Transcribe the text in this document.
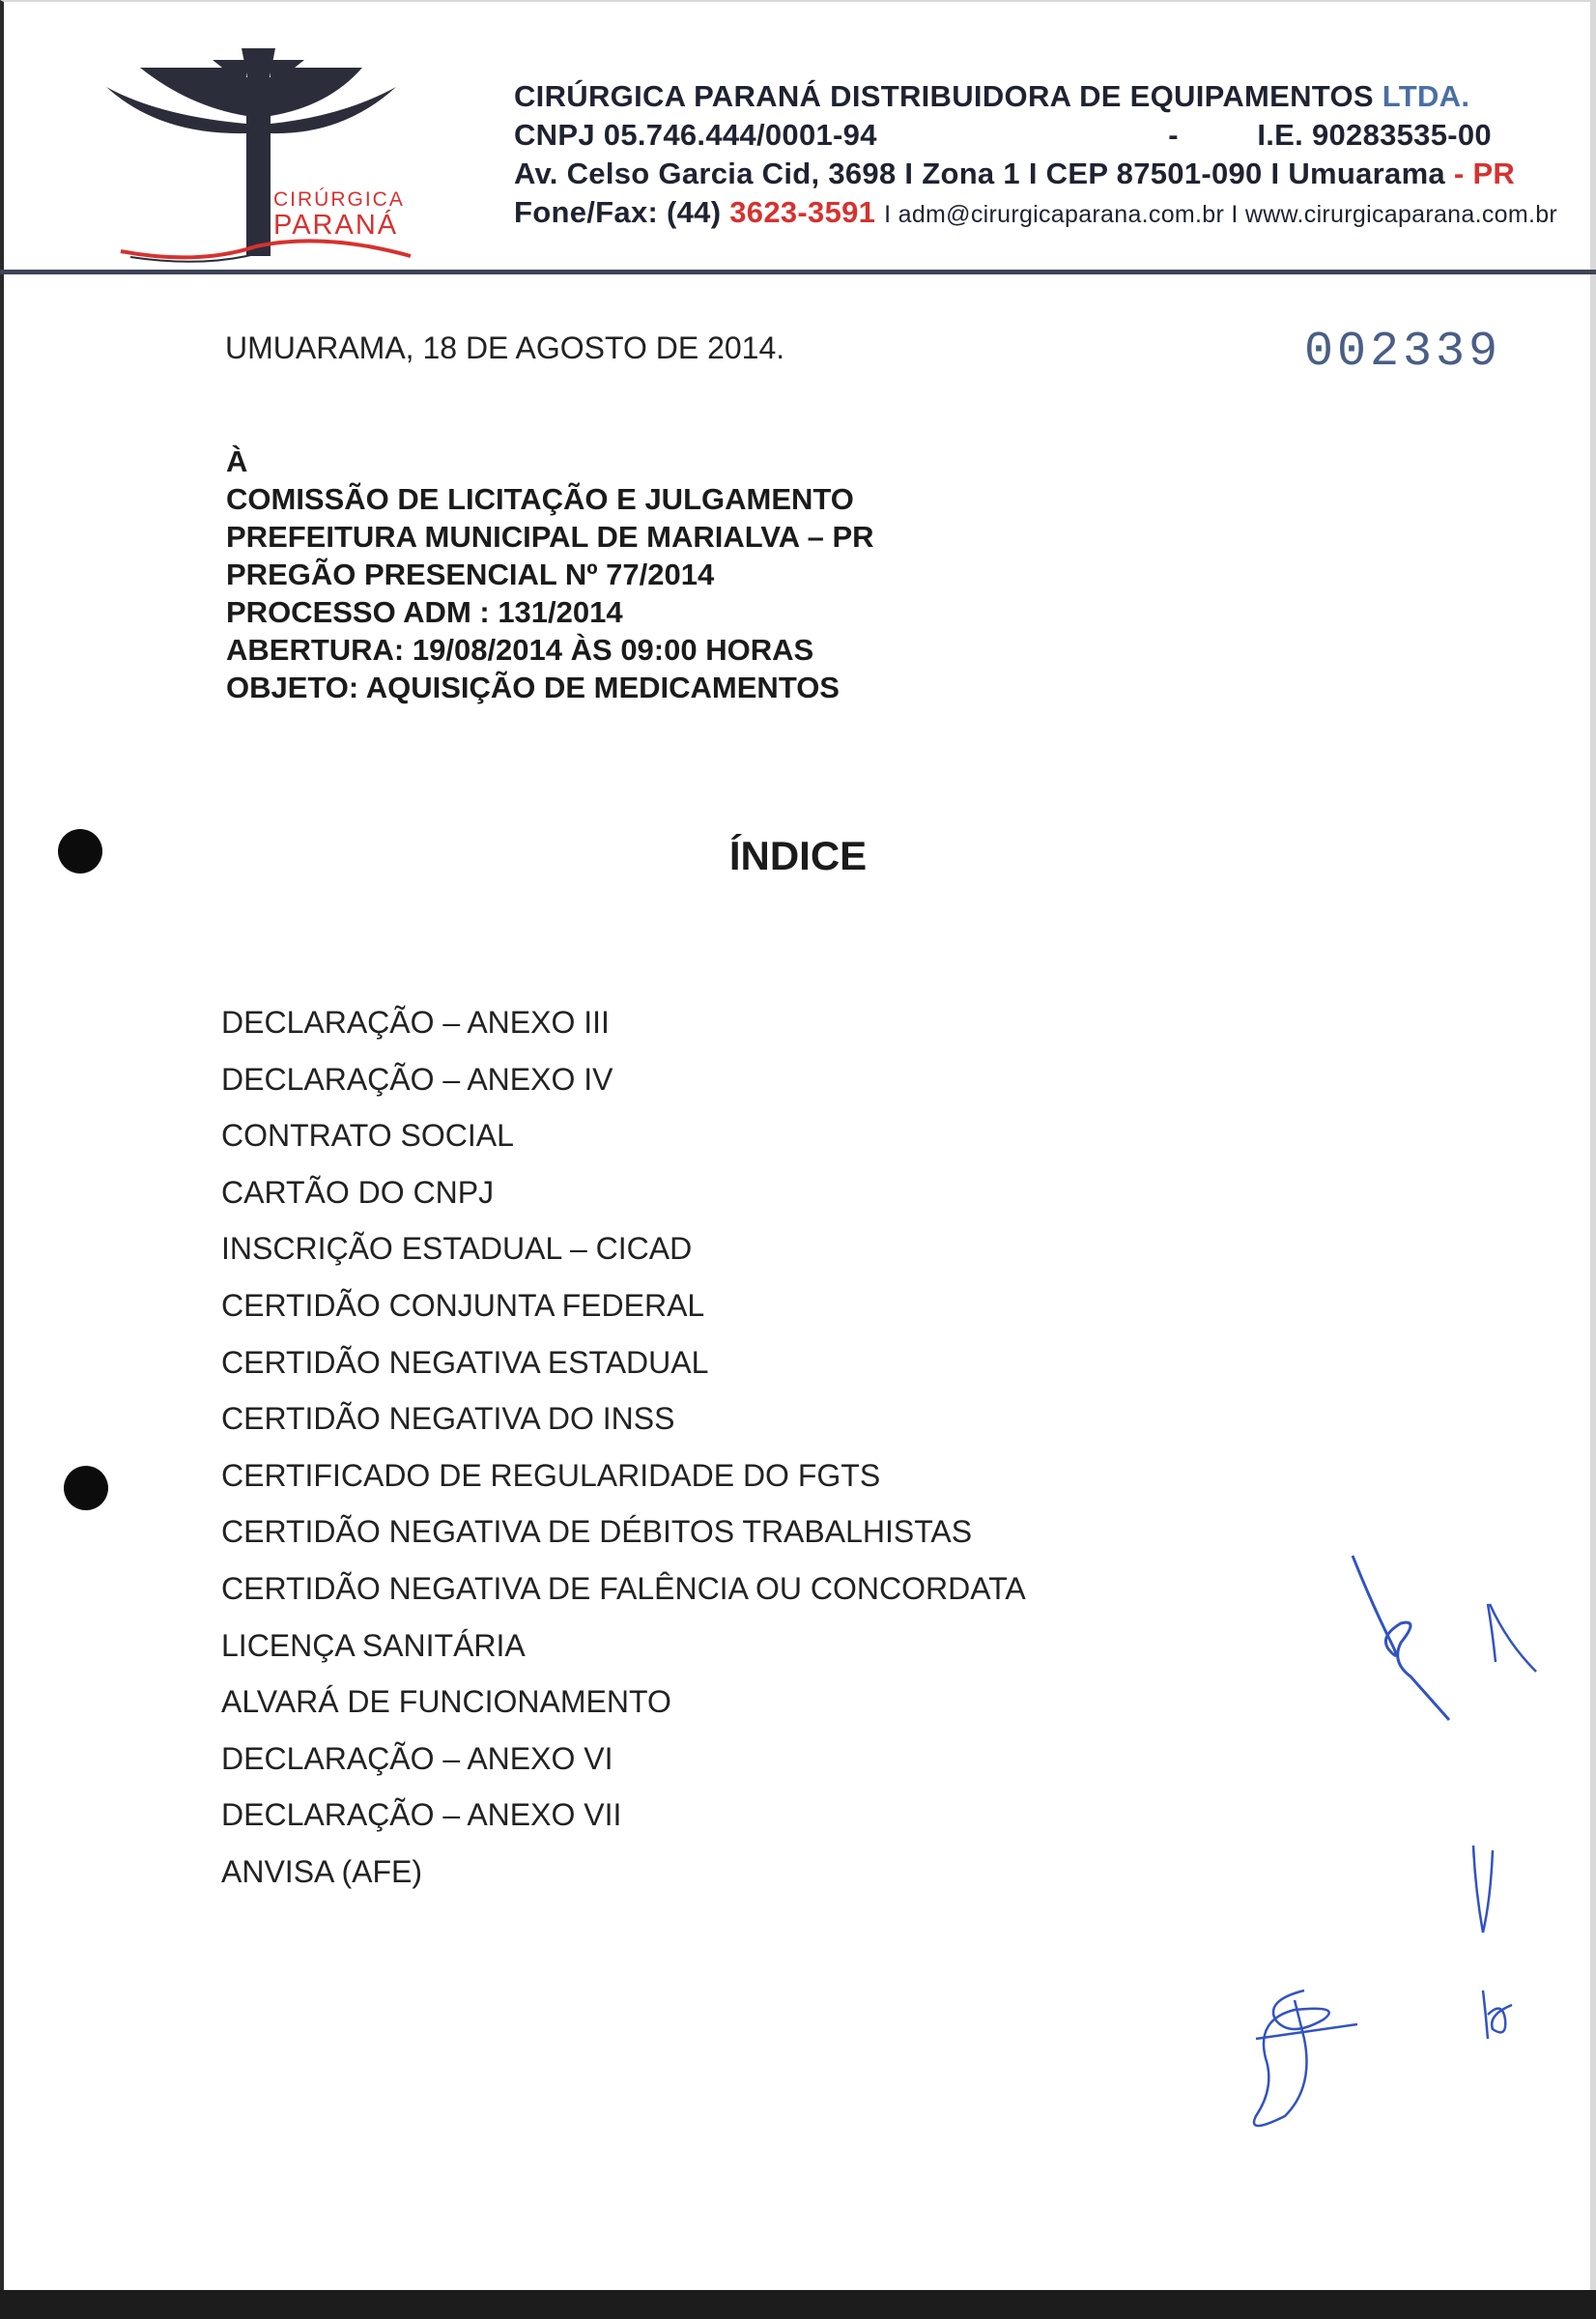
CIRÚRGICA
PARANÁ
CIRÚRGICA PARANÁ DISTRIBUIDORA DE EQUIPAMENTOS LTDA.
CNPJ 05.746.444/0001-94	-	I.E. 90283535-00
Av. Celso Garcia Cid, 3698 I Zona 1 I CEP 87501-090 I Umuarama - PR
Fone/Fax: (44) 3623-3591 I adm@cirurgicaparana.com.br I www.cirurgicaparana.com.br
UMUARAMA, 18 DE AGOSTO DE 2014.	002339
À
COMISSÃO DE LICITAÇÃO E JULGAMENTO
PREFEITURA MUNICIPAL DE MARIALVA – PR
PREGÃO PRESENCIAL Nº 77/2014
PROCESSO ADM : 131/2014
ABERTURA: 19/08/2014 ÀS 09:00 HORAS
OBJETO: AQUISIÇÃO DE MEDICAMENTOS
ÍNDICE
DECLARAÇÃO – ANEXO III
DECLARAÇÃO – ANEXO IV
CONTRATO SOCIAL
CARTÃO DO CNPJ
INSCRIÇÃO ESTADUAL – CICAD
CERTIDÃO CONJUNTA FEDERAL
CERTIDÃO NEGATIVA ESTADUAL
CERTIDÃO NEGATIVA DO INSS
CERTIFICADO DE REGULARIDADE DO FGTS
CERTIDÃO NEGATIVA DE DÉBITOS TRABALHISTAS
CERTIDÃO NEGATIVA DE FALÊNCIA OU CONCORDATA
LICENÇA SANITÁRIA
ALVARÁ DE FUNCIONAMENTO
DECLARAÇÃO – ANEXO VI
DECLARAÇÃO – ANEXO VII
ANVISA (AFE)
